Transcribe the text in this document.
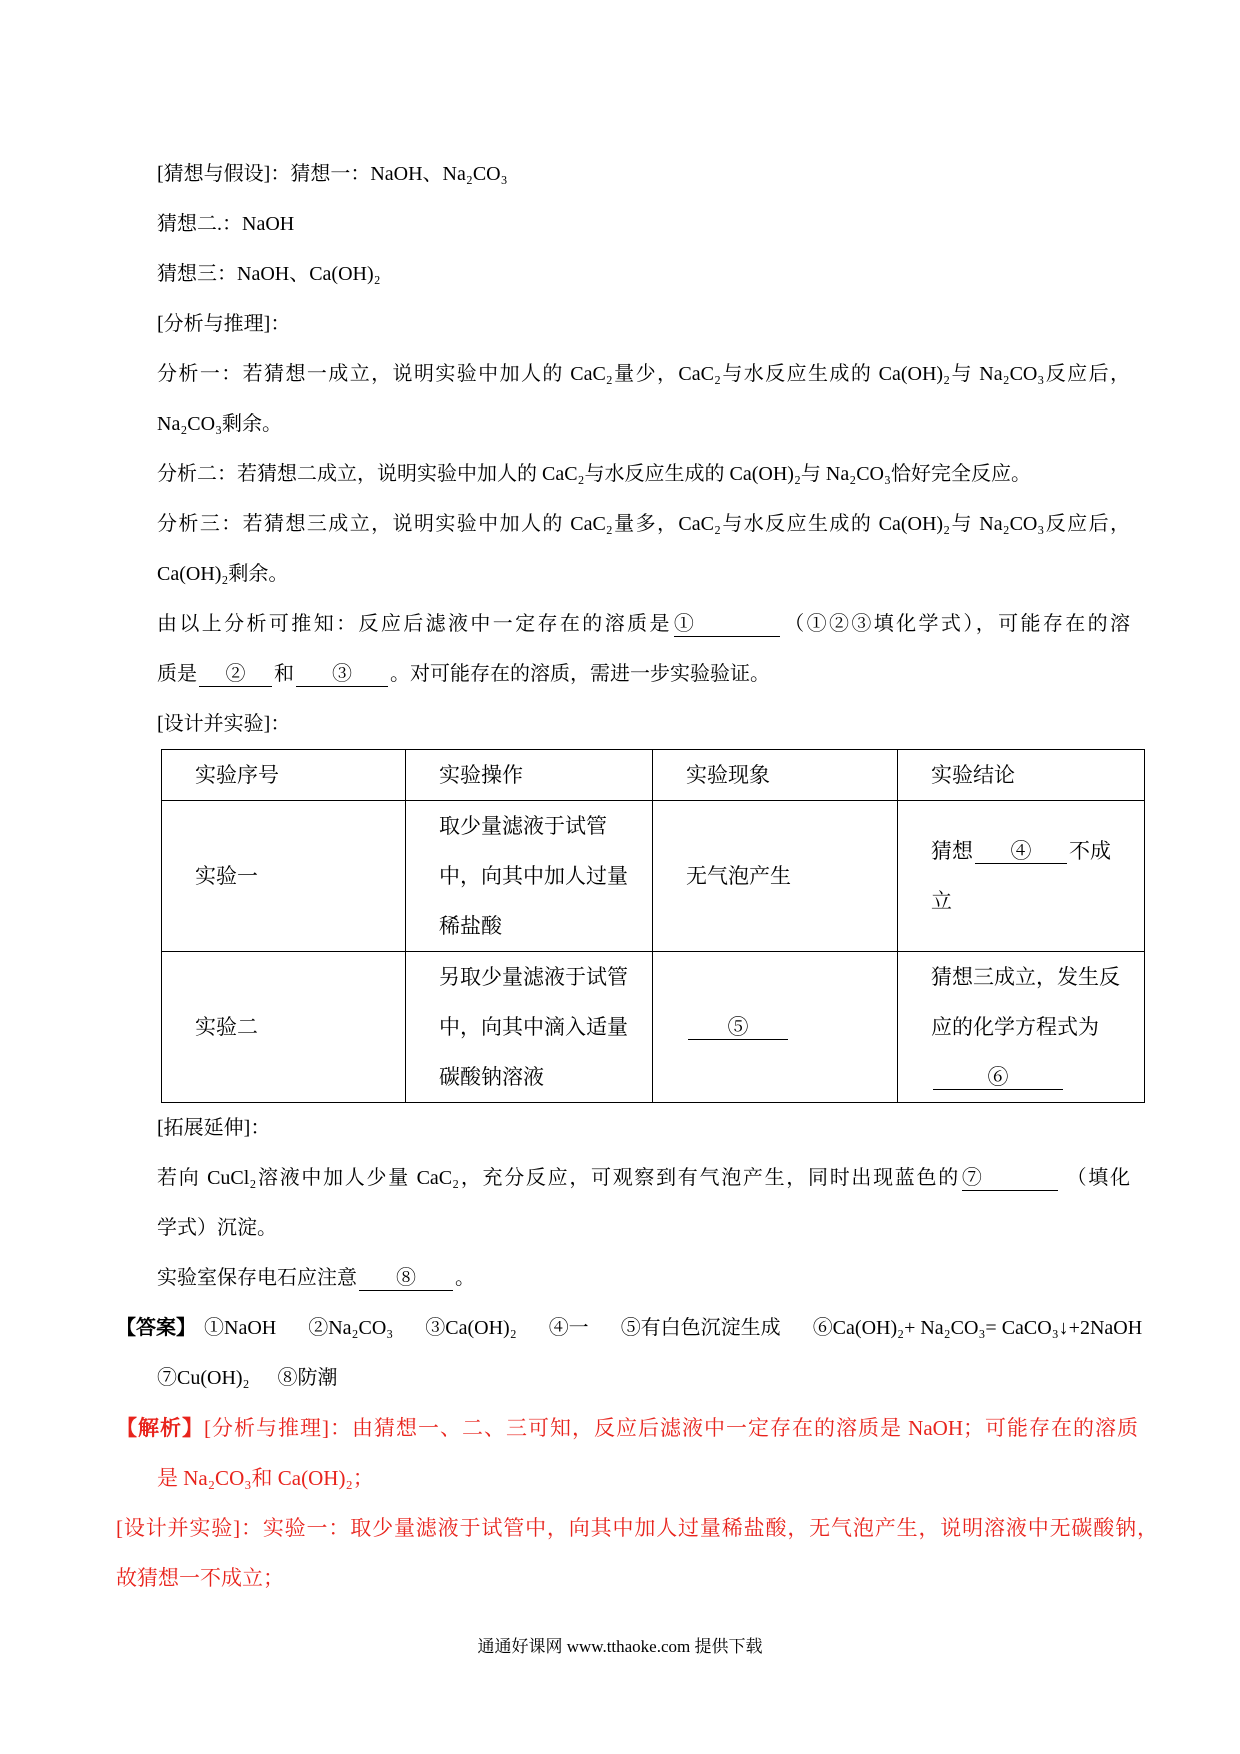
[猜想与假设]：猜想一：NaOH、Na₂CO₃
猜想二.：NaOH
猜想三：NaOH、Ca(OH)₂
[分析与推理]：
分析一：若猜想一成立，说明实验中加人的 CaC₂量少，CaC₂与水反应生成的 Ca(OH)₂与 Na₂CO₃反应后，
Na₂CO₃剩余。
分析二：若猜想二成立，说明实验中加人的 CaC₂与水反应生成的 Ca(OH)₂与 Na₂CO₃恰好完全反应。
分析三：若猜想三成立，说明实验中加人的 CaC₂量多，CaC₂与水反应生成的 Ca(OH)₂与 Na₂CO₃反应后，
Ca(OH)₂剩余。
由以上分析可推知：反应后滤液中一定存在的溶质是 ①	（①②③填化学式），可能存在的溶
质是 ② 和 ③ 。对可能存在的溶质，需进一步实验验证。
[设计并实验]：
实验序号	实验操作	实验现象	实验结论

实验一	取少量滤液于试管
中，向其中加人过量
稀盐酸	无气泡产生	猜想 ④ 不成
立

实验二	另取少量滤液于试管
中，向其中滴入适量
碳酸钠溶液	⑤	猜想三成立，发生反
应的化学方程式为
⑥
[拓展延伸]：
若向 CuCl₂溶液中加人少量 CaC₂，充分反应，可观察到有气泡产生，同时出现蓝色的 ⑦	（填化
学式）沉淀。
实验室保存电石应注意 ⑧ 。
【答案】 ①NaOH ②Na₂CO₃ ③Ca(OH)₂ ④一 ⑤有白色沉淀生成 ⑥Ca(OH)₂+ Na₂CO₃= CaCO₃↓+2NaOH
⑦Cu(OH)₂ ⑧防潮
【解析】[分析与推理]：由猜想一、二、三可知，反应后滤液中一定存在的溶质是 NaOH；可能存在的溶质
是 Na₂CO₃和 Ca(OH)₂；
[设计并实验]：实验一：取少量滤液于试管中，向其中加人过量稀盐酸，无气泡产生，说明溶液中无碳酸钠，
故猜想一不成立；
通通好课网 www.tthaoke.com 提供下载
